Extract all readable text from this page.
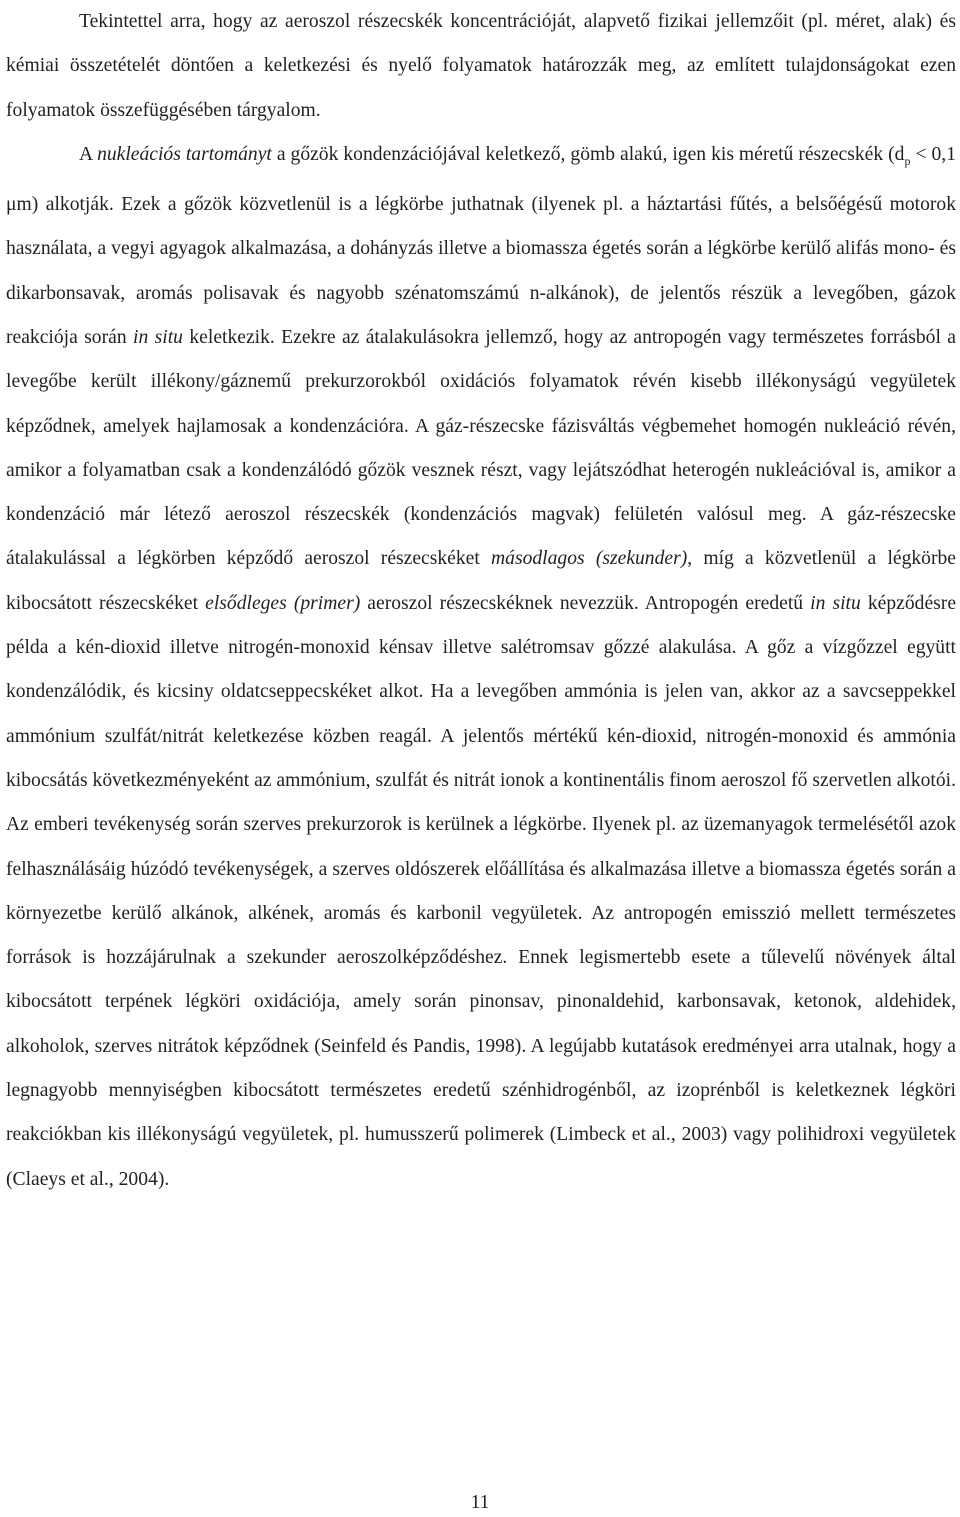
Tekintettel arra, hogy az aeroszol részecskék koncentrációját, alapvető fizikai jellemzőit (pl. méret, alak) és kémiai összetételét döntően a keletkezési és nyelő folyamatok határozzák meg, az említett tulajdonságokat ezen folyamatok összefüggésében tárgyalom.

A nukleációs tartományt a gőzök kondenzációjával keletkező, gömb alakú, igen kis méretű részecskék ($d_p < 0,1$ μm) alkotják. Ezek a gőzök közvetlenül is a légkörbe juthatnak (ilyenek pl. a háztartási fűtés, a belsőégésű motorok használata, a vegyi agyagok alkalmazása, a dohányzás illetve a biomassza égetés során a légkörbe kerülő alifás mono- és dikarbonsavak, aromás polisavak és nagyobb szénatomszámú n-alkánok), de jelentős részük a levegőben, gázok reakciója során in situ keletkezik. Ezekre az átalakulásokra jellemző, hogy az antropogén vagy természetes forrásból a levegőbe került illékony/gáznemű prekurzorokból oxidációs folyamatok révén kisebb illékonyságú vegyületek képződnek, amelyek hajlamosak a kondenzációra. A gáz-részecske fázisváltás végbemehet homogén nukleáció révén, amikor a folyamatban csak a kondenzálódó gőzök vesznek részt, vagy lejátszódhat heterogén nukleációval is, amikor a kondenzáció már létező aeroszol részecskék (kondenzációs magvak) felületén valósul meg. A gáz-részecske átalakulással a légkörben képződő aeroszol részecskéket másodlagos (szekunder), míg a közvetlenül a légkörbe kibocsátott részecskéket elsődleges (primer) aeroszol részecskéknek nevezzük. Antropogén eredetű in situ képződésre példa a kén-dioxid illetve nitrogén-monoxid kénsav illetve salétromsav gőzzé alakulása. A gőz a vízgőzzel együtt kondenzálódik, és kicsiny oldatcseppecskéket alkot. Ha a levegőben ammónia is jelen van, akkor az a savcseppekkel ammónium szulfát/nitrát keletkezése közben reagál. A jelentős mértékű kén-dioxid, nitrogén-monoxid és ammónia kibocsátás következményeként az ammónium, szulfát és nitrát ionok a kontinentális finom aeroszol fő szervetlen alkotói. Az emberi tevékenység során szerves prekurzorok is kerülnek a légkörbe. Ilyenek pl. az üzemanyagok termelésétől azok felhasználásáig húzódó tevékenységek, a szerves oldószerek előállítása és alkalmazása illetve a biomassza égetés során a környezetbe kerülő alkánok, alkének, aromás és karbonil vegyületek. Az antropogén emisszió mellett természetes források is hozzájárulnak a szekunder aeroszolképződéshez. Ennek legismertebb esete a tűlevelű növények által kibocsátott terpének légköri oxidációja, amely során pinonsav, pinonaldehid, karbonsavak, ketonok, aldehidek, alkoholok, szerves nitrátok képződnek (Seinfeld és Pandis, 1998). A legújabb kutatások eredményei arra utalnak, hogy a legnagyobb mennyiségben kibocsátott természetes eredetű szénhidrogénből, az izoprénből is keletkeznek légköri reakciókban kis illékonyságú vegyületek, pl. humusszerű polimerek (Limbeck et al., 2003) vagy polihidroxi vegyületek (Claeys et al., 2004).

11
